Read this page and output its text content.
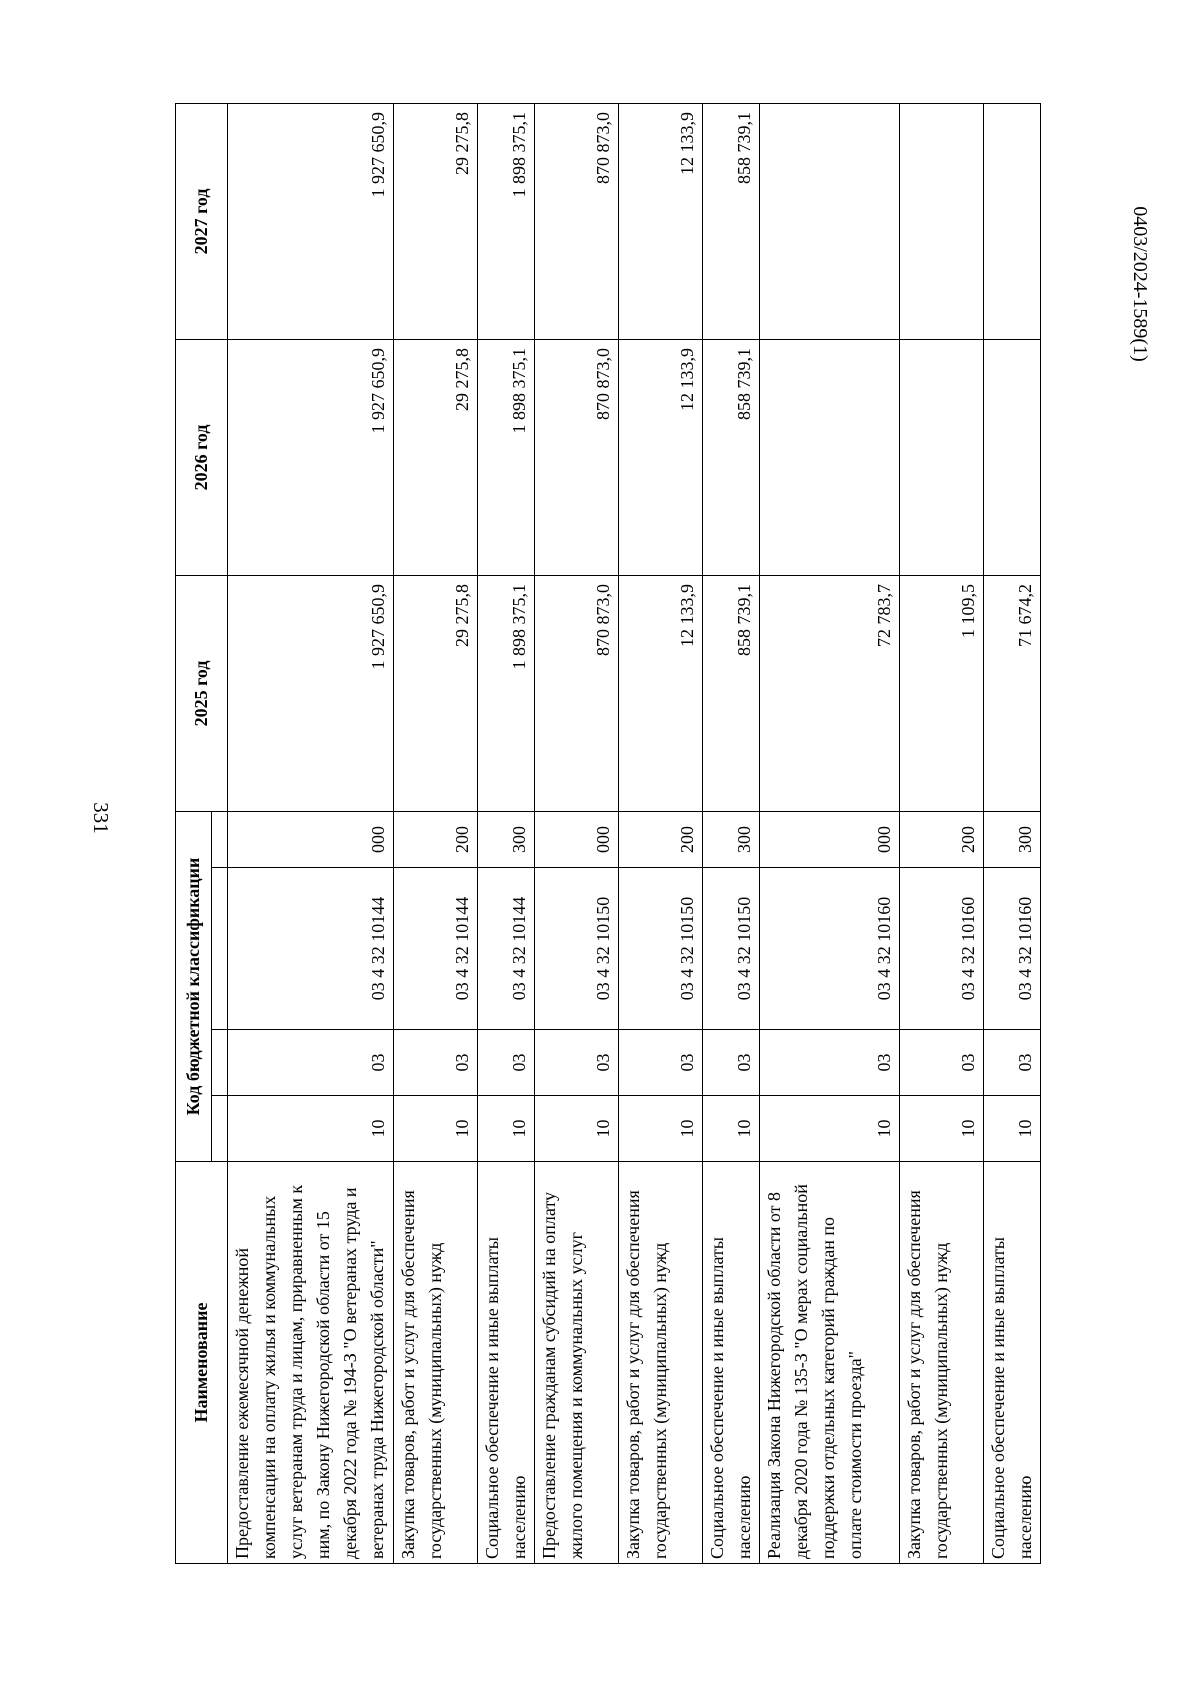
331
0403/2024-1589(1)
Наименование	Код бюджетной классификации				2025 год	2026 год	2027 год

Предоставление ежемесячной денежной компенсации на оплату жилья и коммунальных услуг ветеранам труда и лицам, приравненным к ним, по Закону Нижегородской области от 15 декабря 2022 года № 194-З "О ветеранах труда и ветеранах труда Нижегородской области"	10	03	03 4 32 10144	000	1 927 650,9	1 927 650,9	1 927 650,9
Закупка товаров, работ и услуг для обеспечения государственных (муниципальных) нужд	10	03	03 4 32 10144	200	29 275,8	29 275,8	29 275,8
Социальное обеспечение и иные выплаты населению	10	03	03 4 32 10144	300	1 898 375,1	1 898 375,1	1 898 375,1
Предоставление гражданам субсидий на оплату жилого помещения и коммунальных услуг	10	03	03 4 32 10150	000	870 873,0	870 873,0	870 873,0
Закупка товаров, работ и услуг для обеспечения государственных (муниципальных) нужд	10	03	03 4 32 10150	200	12 133,9	12 133,9	12 133,9
Социальное обеспечение и иные выплаты населению	10	03	03 4 32 10150	300	858 739,1	858 739,1	858 739,1
Реализация Закона Нижегородской области от 8 декабря 2020 года № 135-З "О мерах социальной поддержки отдельных категорий граждан по оплате стоимости проезда"	10	03	03 4 32 10160	000	72 783,7		
Закупка товаров, работ и услуг для обеспечения государственных (муниципальных) нужд	10	03	03 4 32 10160	200	1 109,5		
Социальное обеспечение и иные выплаты населению	10	03	03 4 32 10160	300	71 674,2		
